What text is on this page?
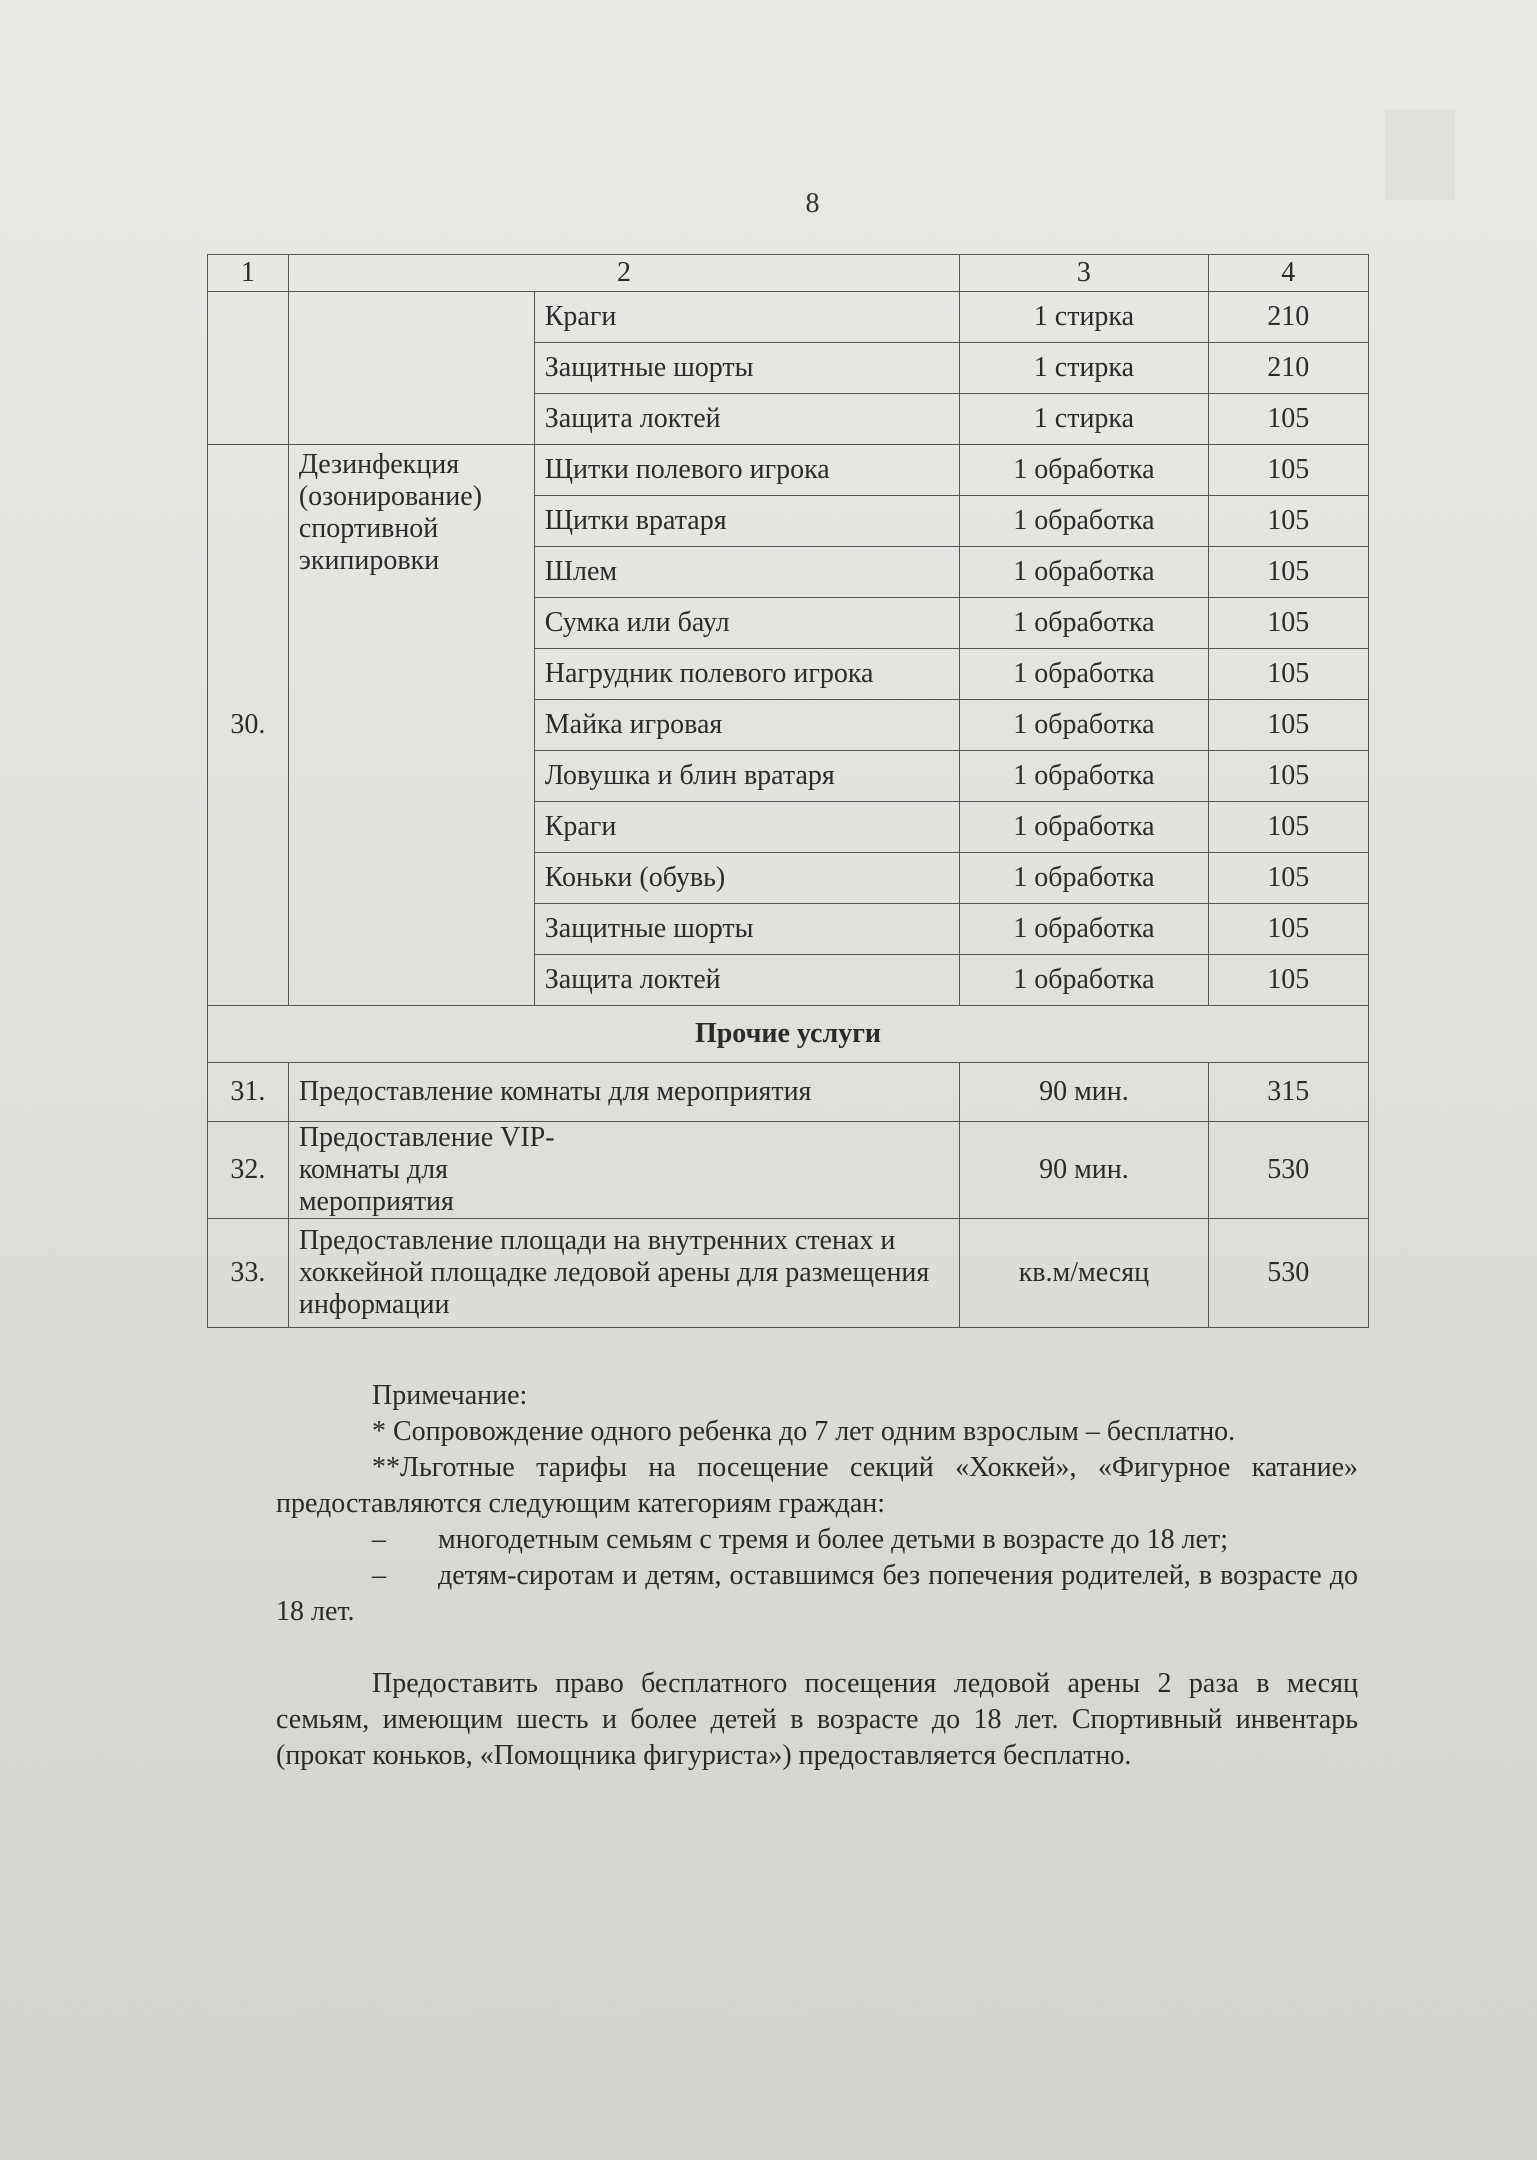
8
1	2		3	4
		Краги	1 стирка	210
		Защитные шорты	1 стирка	210
		Защита локтей	1 стирка	105
30.	Дезинфекция (озонирование) спортивной экипировки	Щитки полевого игрока	1 обработка	105
		Щитки вратаря	1 обработка	105
		Шлем	1 обработка	105
		Сумка или баул	1 обработка	105
		Нагрудник полевого игрока	1 обработка	105
		Майка игровая	1 обработка	105
		Ловушка и блин вратаря	1 обработка	105
		Краги	1 обработка	105
		Коньки (обувь)	1 обработка	105
		Защитные шорты	1 обработка	105
		Защита локтей	1 обработка	105
Прочие услуги				
31.	Предоставление комнаты для мероприятия		90 мин.	315
32.	Предоставление VIP-комнаты для мероприятия		90 мин.	530
33.	Предоставление площади на внутренних стенах и хоккейной площадке ледовой арены для размещения информации		кв.м/месяц	530

Примечание:

* Сопровождение одного ребенка до 7 лет одним взрослым – бесплатно.

**Льготные тарифы на посещение секций «Хоккей», «Фигурное катание» предоставляются следующим категориям граждан:

– многодетным семьям с тремя и более детьми в возрасте до 18 лет;

– детям-сиротам и детям, оставшимся без попечения родителей, в возрасте до 18 лет.

Предоставить право бесплатного посещения ледовой арены 2 раза в месяц семьям, имеющим шесть и более детей в возрасте до 18 лет. Спортивный инвентарь (прокат коньков, «Помощника фигуриста») предоставляется бесплатно.
